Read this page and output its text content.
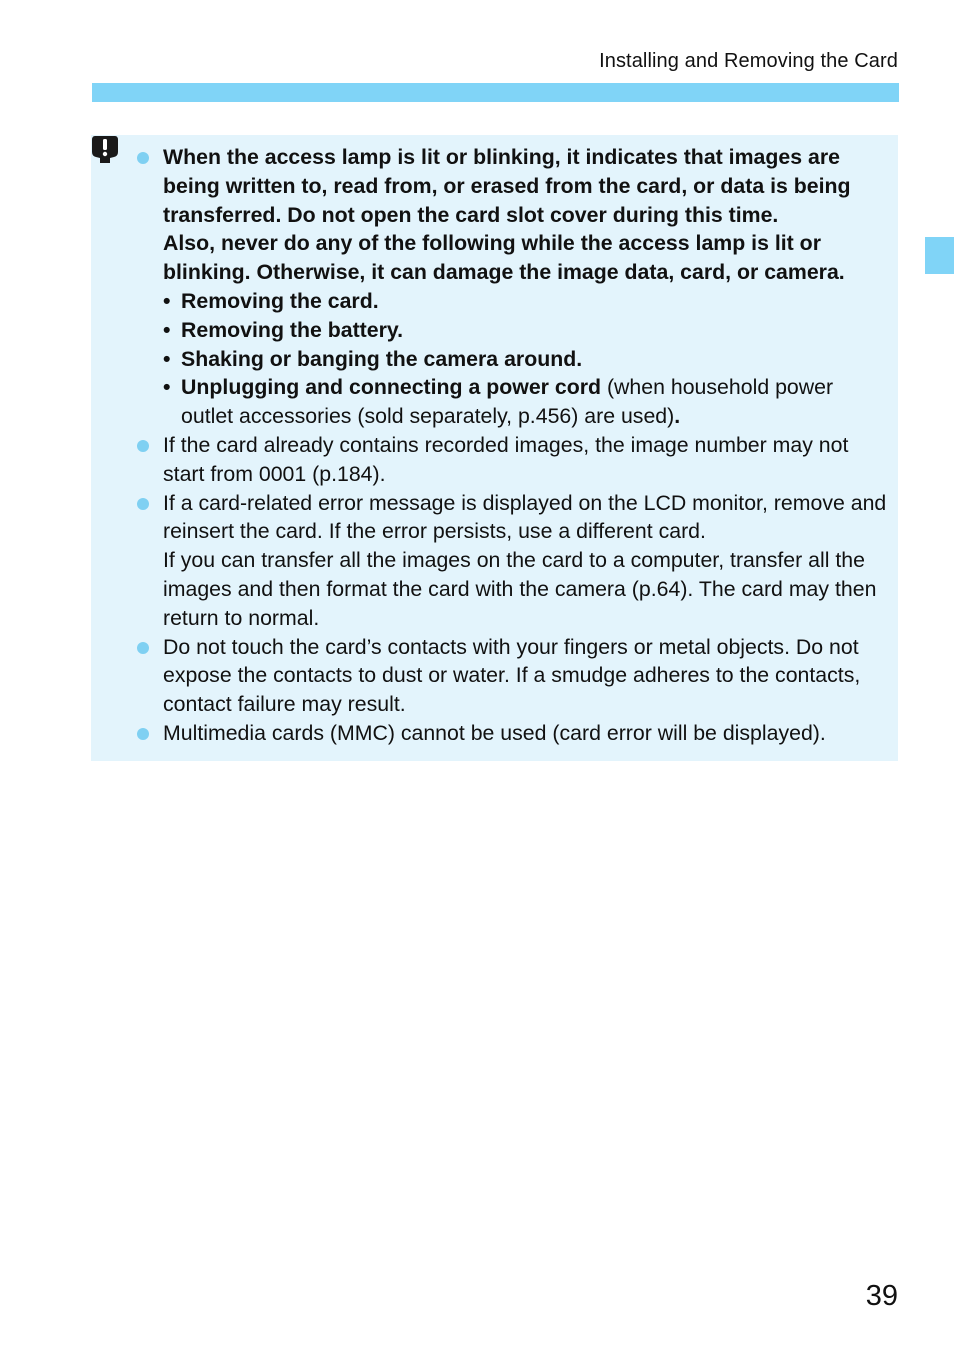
Installing and Removing the Card
When the access lamp is lit or blinking, it indicates that images are being written to, read from, or erased from the card, or data is being transferred. Do not open the card slot cover during this time.
Also, never do any of the following while the access lamp is lit or blinking. Otherwise, it can damage the image data, card, or camera.
• Removing the card.
• Removing the battery.
• Shaking or banging the camera around.
• Unplugging and connecting a power cord (when household power outlet accessories (sold separately, p.456) are used).
If the card already contains recorded images, the image number may not start from 0001 (p.184).
If a card-related error message is displayed on the LCD monitor, remove and reinsert the card. If the error persists, use a different card.
If you can transfer all the images on the card to a computer, transfer all the images and then format the card with the camera (p.64). The card may then return to normal.
Do not touch the card’s contacts with your fingers or metal objects. Do not expose the contacts to dust or water. If a smudge adheres to the contacts, contact failure may result.
Multimedia cards (MMC) cannot be used (card error will be displayed).
39
